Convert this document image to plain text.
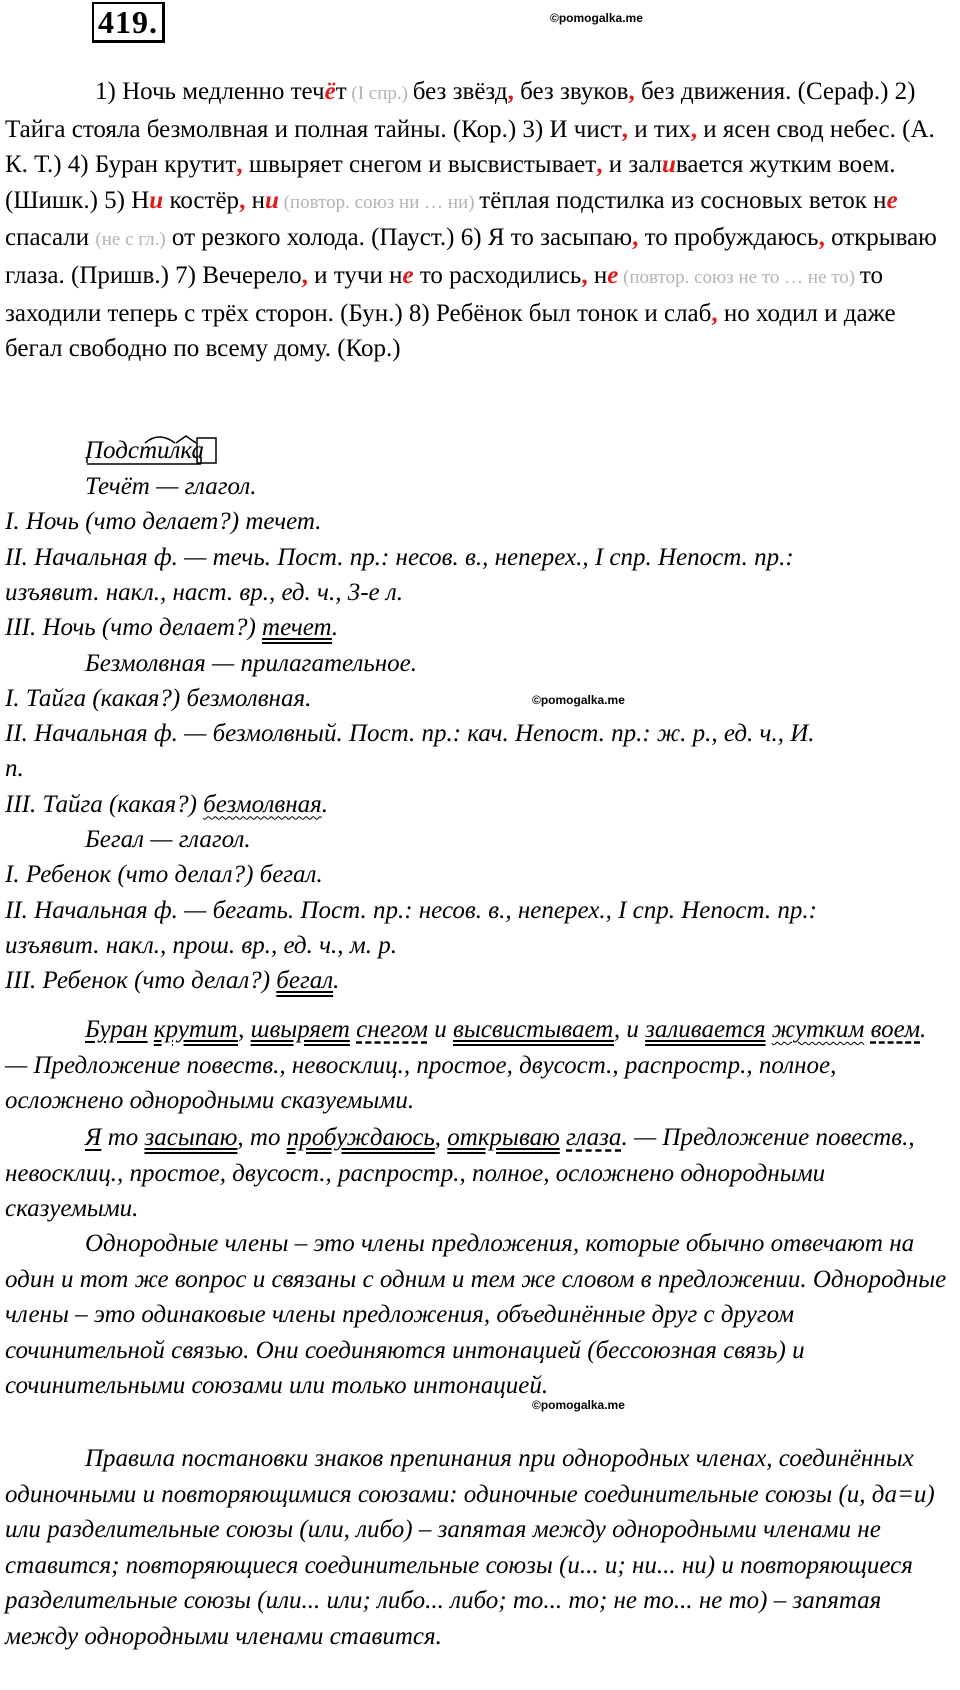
419.	©pomogalka.me
1) Ночь медленно течёт (I спр.) без звёзд, без звуков, без движения. (Сераф.) 2) Тайга стояла безмолвная и полная тайны. (Кор.) 3) И чист, и тих, и ясен свод небес. (А. К. Т.) 4) Буран крутит, швыряет снегом и высвистывает, и заливается жутким воем. (Шишк.) 5) Ни костёр, ни (повтор. союз ни … ни) тёплая подстилка из сосновых веток не спасали (не с гл.) от резкого холода. (Пауст.) 6) Я то засыпаю, то пробуждаюсь, открываю глаза. (Пришв.) 7) Вечерело, и тучи не то расходились, не (повтор. союз не то … не то) то заходили теперь с трёх сторон. (Бун.) 8) Ребёнок был тонок и слаб, но ходил и даже бегал свободно по всему дому. (Кор.)
Подстилка
Течёт — глагол.
I. Ночь (что делает?) течет.
II. Начальная ф. — течь. Пост. пр.: несов. в., неперех., I спр. Непост. пр.:
изъявит. накл., наст. вр., ед. ч., 3-е л.
III. Ночь (что делает?) течет.
Безмолвная — прилагательное.
I. Тайга (какая?) безмолвная.
II. Начальная ф. — безмолвный. Пост. пр.: кач. Непост. пр.: ж. р., ед. ч., И.
п.
III. Тайга (какая?) безмолвная.
Бегал — глагол.
I. Ребенок (что делал?) бегал.
II. Начальная ф. — бегать. Пост. пр.: несов. в., неперех., I спр. Непост. пр.:
изъявит. накл., прош. вр., ед. ч., м. р.
III. Ребенок (что делал?) бегал.
©pomogalka.me
Буран крутит, швыряет снегом и высвистывает, и заливается жутким воем. — Предложение повеств., невосклиц., простое, двусост., распростр., полное, осложнено однородными сказуемыми.
Я то засыпаю, то пробуждаюсь, открываю глаза. — Предложение повеств., невосклиц., простое, двусост., распростр., полное, осложнено однородными сказуемыми.
Однородные члены – это члены предложения, которые обычно отвечают на один и тот же вопрос и связаны с одним и тем же словом в предложении. Однородные члены – это одинаковые члены предложения, объединённые друг с другом сочинительной связью. Они соединяются интонацией (бессоюзная связь) и сочинительными союзами или только интонацией.
©pomogalka.me
Правила постановки знаков препинания при однородных членах, соединённых одиночными и повторяющимися союзами: одиночные соединительные союзы (и, да=и) или разделительные союзы (или, либо) – запятая между однородными членами не ставится; повторяющиеся соединительные союзы (и... и; ни... ни) и повторяющиеся разделительные союзы (или... или; либо... либо; то... то; не то... не то) – запятая между однородными членами ставится.
